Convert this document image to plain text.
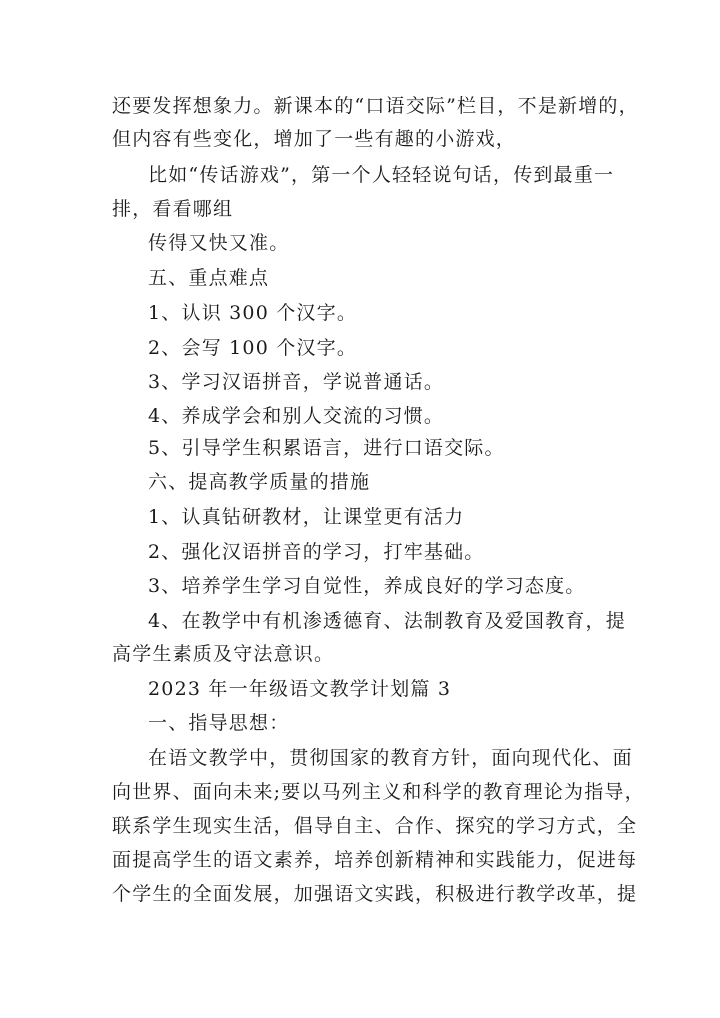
还要发挥想象力。新课本的“口语交际”栏目，不是新增的，
但内容有些变化，增加了一些有趣的小游戏，
比如“传话游戏”，第一个人轻轻说句话，传到最重一
排，看看哪组
传得又快又准。
五、重点难点
1、认识 300 个汉字。
2、会写 100 个汉字。
3、学习汉语拼音，学说普通话。
4、养成学会和别人交流的习惯。
5、引导学生积累语言，进行口语交际。
六、提高教学质量的措施
1、认真钻研教材，让课堂更有活力
2、强化汉语拼音的学习，打牢基础。
3、培养学生学习自觉性，养成良好的学习态度。
4、在教学中有机渗透德育、法制教育及爱国教育，提
高学生素质及守法意识。
2023 年一年级语文教学计划篇 3
一、指导思想：
在语文教学中，贯彻国家的教育方针，面向现代化、面
向世界、面向未来;要以马列主义和科学的教育理论为指导，
联系学生现实生活，倡导自主、合作、探究的学习方式，全
面提高学生的语文素养，培养创新精神和实践能力，促进每
个学生的全面发展，加强语文实践，积极进行教学改革，提
